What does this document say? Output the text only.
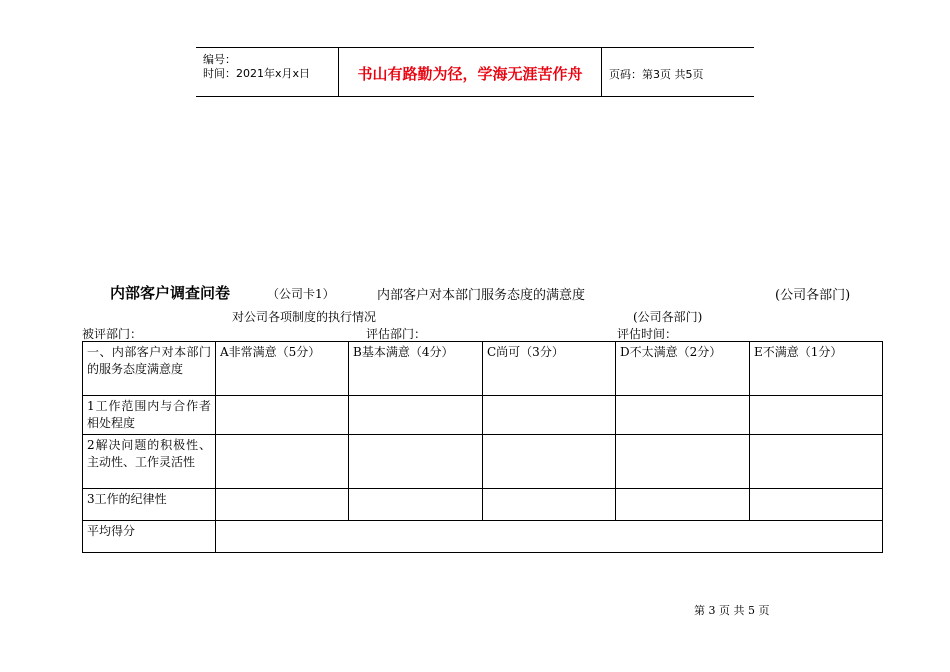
编号：
时间：2021年x月x日	书山有路勤为径，学海无涯苦作舟	页码：第3页 共5页
内部客户调查问卷	（公司卡1）	内部客户对本部门服务态度的满意度	(公司各部门)
对公司各项制度的执行情况	(公司各部门)
被评部门：	评估部门：	评估时间：
一、内部客户对本部门的服务态度满意度	A非常满意（5分）	B基本满意（4分）	C尚可（3分）	D不太满意（2分）	E不满意（1分）
1工作范围内与合作者相处程度					
2解决问题的积极性、主动性、工作灵活性					
3工作的纪律性					
平均得分					
第 3 页 共 5 页
